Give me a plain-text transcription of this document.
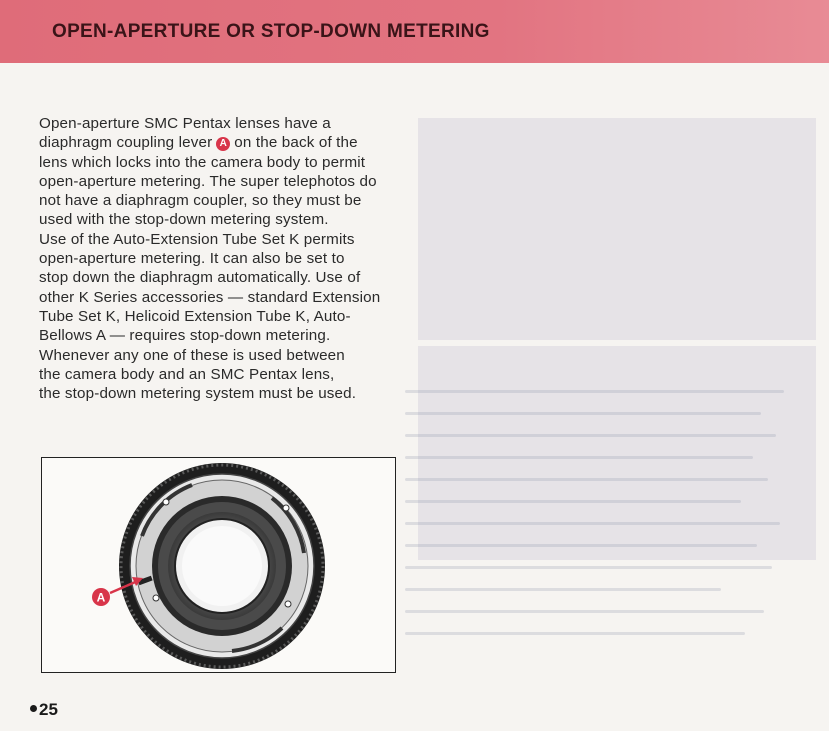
OPEN-APERTURE OR STOP-DOWN METERING

Open-aperture SMC Pentax lenses have a

diaphragm coupling lever A on the back of the

lens which locks into the camera body to permit

open-aperture metering. The super telephotos do

not have a diaphragm coupler, so they must be

used with the stop-down metering system.

Use of the Auto-Extension Tube Set K permits

open-aperture metering. It can also be set to

stop down the diaphragm automatically. Use of

other K Series accessories — standard Extension

Tube Set K, Helicoid Extension Tube K, Auto-

Bellows A — requires stop-down metering.

Whenever any one of these is used between

the camera body and an SMC Pentax lens,

the stop-down metering system must be used.

A
25
